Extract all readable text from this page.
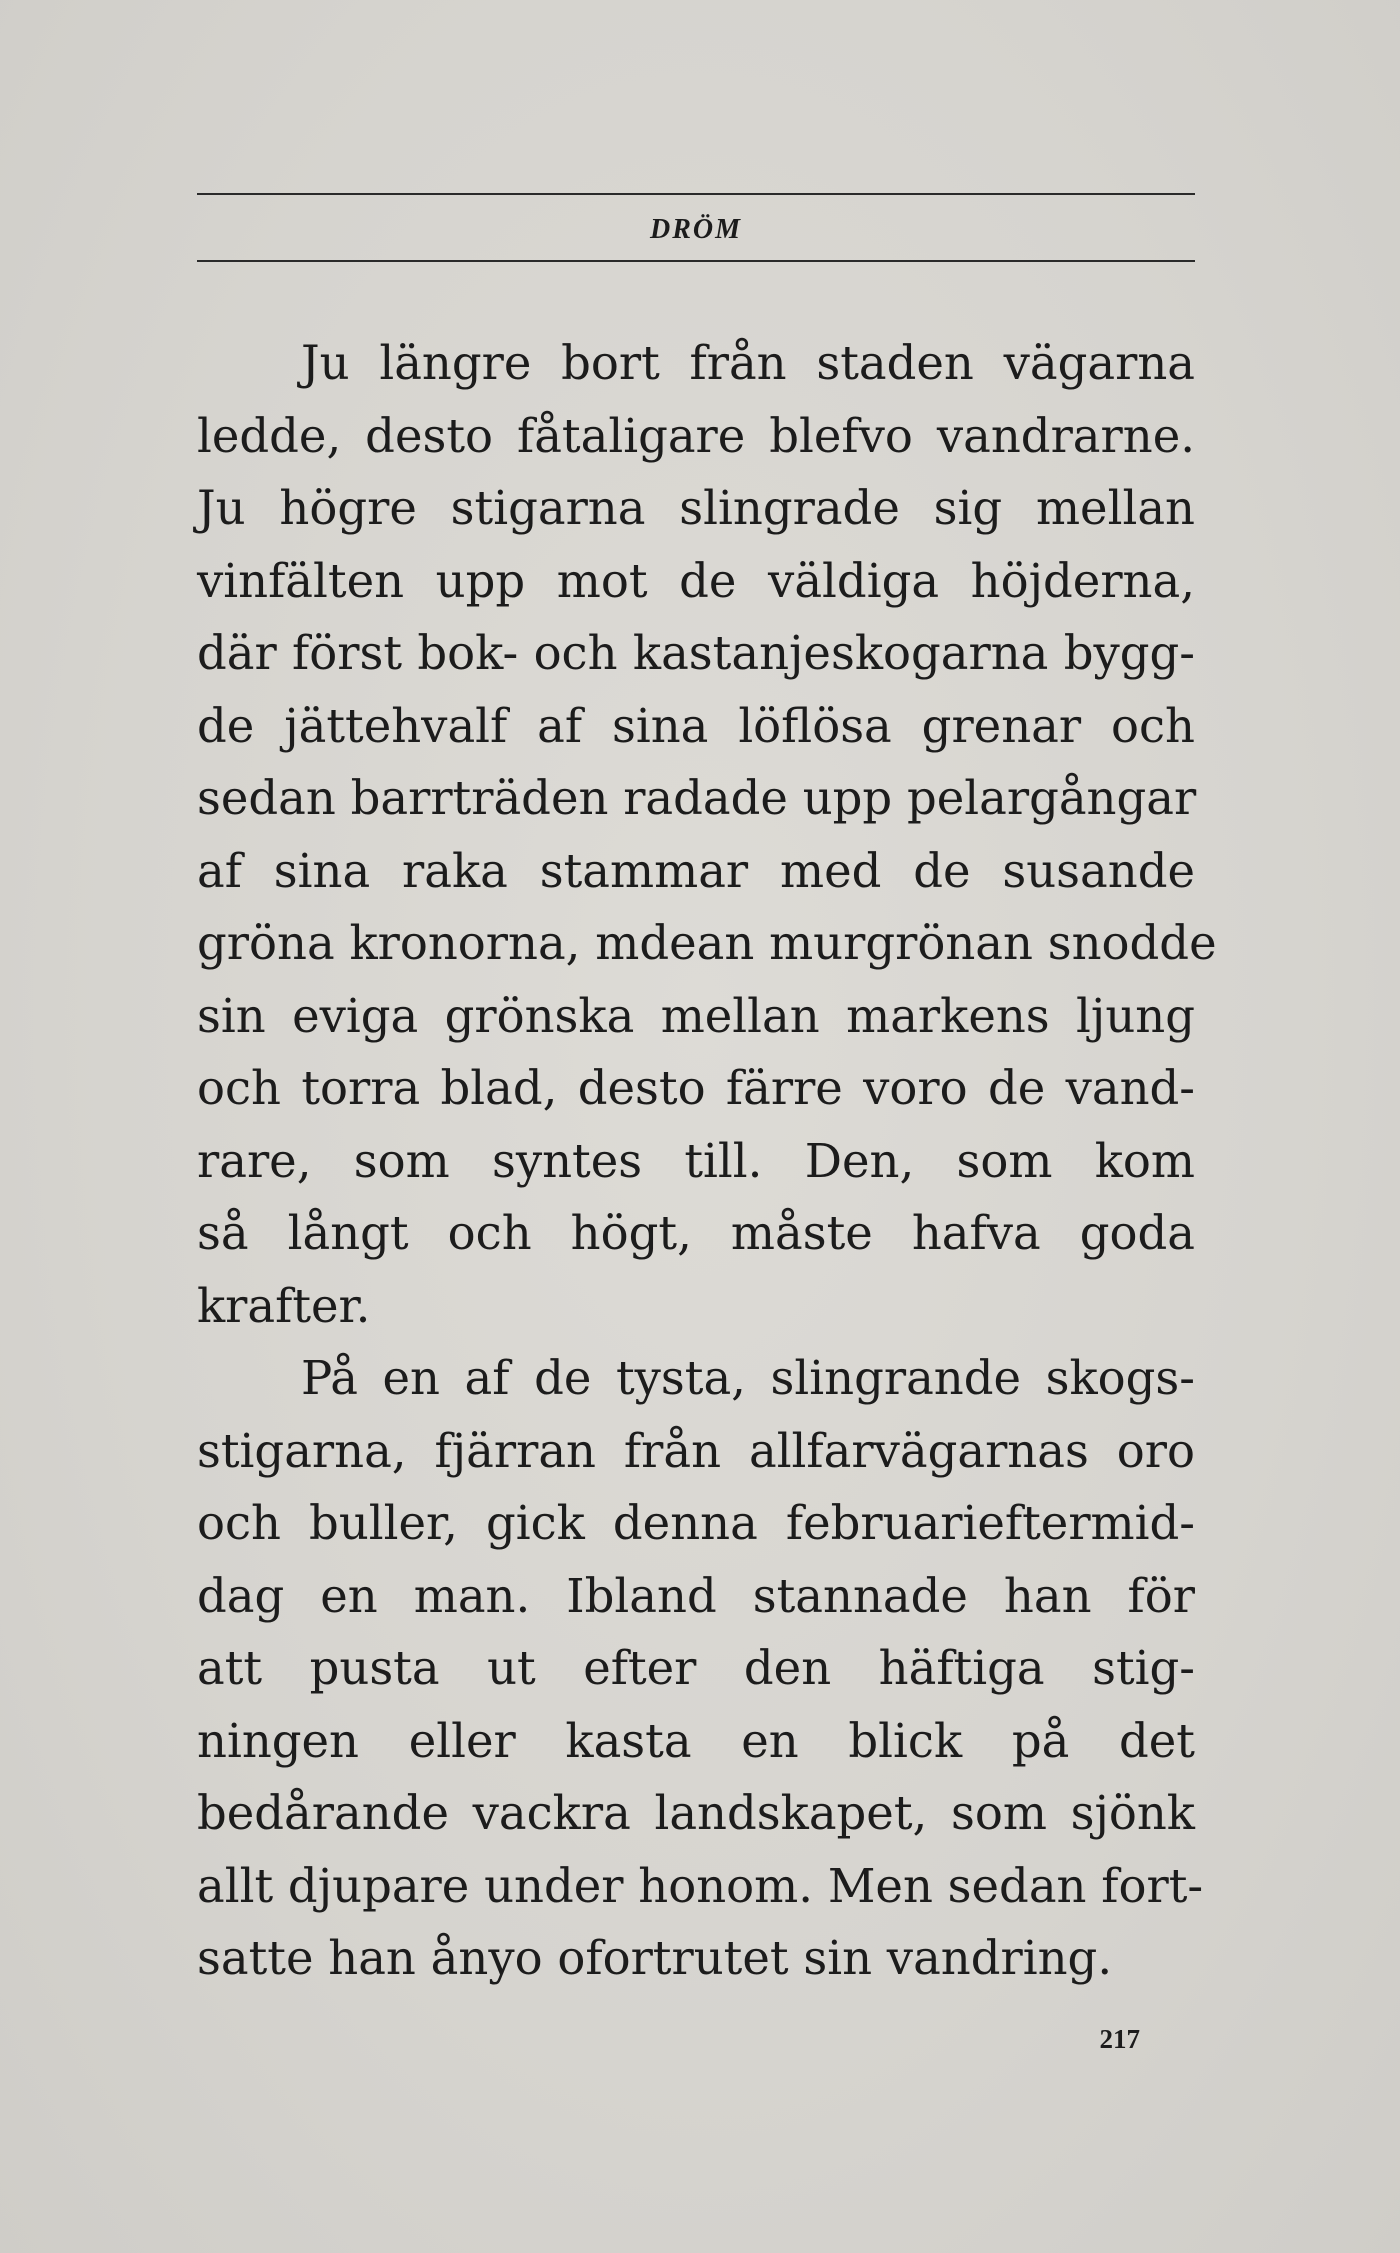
DRÖM
Ju längre bort från staden vägarna
ledde, desto fåtaligare blefvo vandrarne.
Ju högre stigarna slingrade sig mellan
vinfälten upp mot de väldiga höjderna,
där först bok- och kastanjeskogarna bygg-
de jättehvalf af sina löflösa grenar och
sedan barrträden radade upp pelargångar
af sina raka stammar med de susande
gröna kronorna, mdean murgrönan snodde
sin eviga grönska mellan markens ljung
och torra blad, desto färre voro de vand-
rare, som syntes till. Den, som kom
så långt och högt, måste hafva goda
krafter.
På en af de tysta, slingrande skogs-
stigarna, fjärran från allfarvägarnas oro
och buller, gick denna februarieftermid-
dag en man. Ibland stannade han för
att pusta ut efter den häftiga stig-
ningen eller kasta en blick på det
bedårande vackra landskapet, som sjönk
allt djupare under honom. Men sedan fort-
satte han ånyo ofortrutet sin vandring.
217
